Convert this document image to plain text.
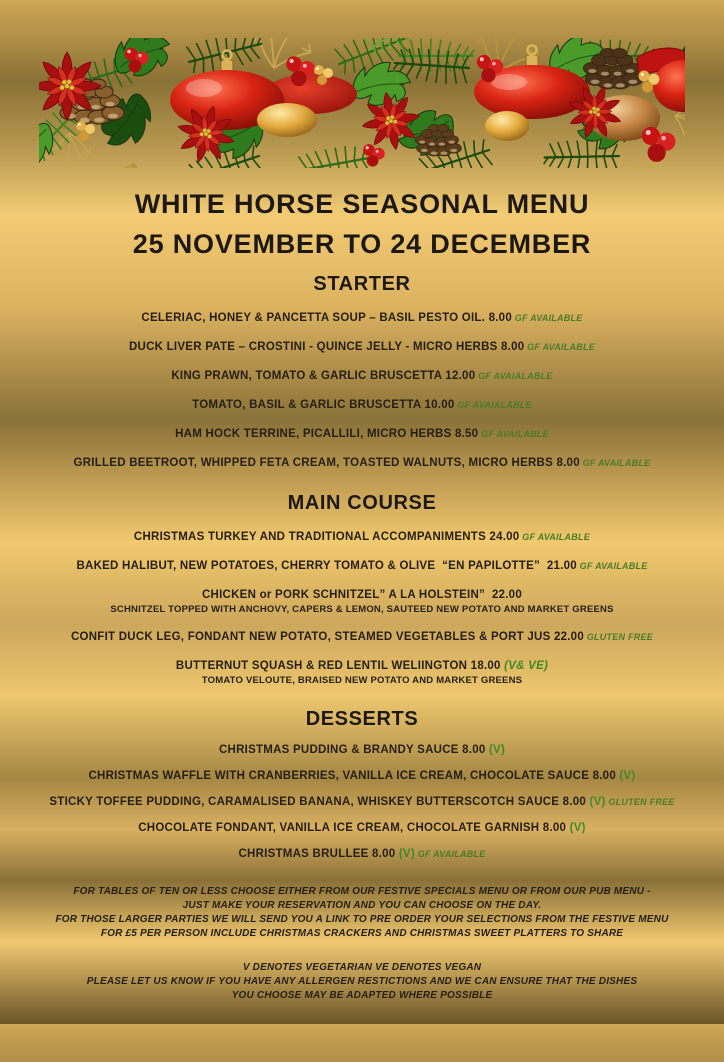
WHITE HORSE SEASONAL MENU
25 NOVEMBER TO 24 DECEMBER
STARTER

CELERIAC, HONEY & PANCETTA SOUP – BASIL PESTO OIL. 8.00 GF AVAILABLE

DUCK LIVER PATE – CROSTINI - QUINCE JELLY - MICRO HERBS 8.00 GF AVAILABLE

KING PRAWN, TOMATO & GARLIC BRUSCETTA 12.00 GF AVAIALABLE

TOMATO, BASIL & GARLIC BRUSCETTA 10.00 GF AVAIALABLE

HAM HOCK TERRINE, PICALLILI, MICRO HERBS 8.50 GF AVAILABLE

GRILLED BEETROOT, WHIPPED FETA CREAM, TOASTED WALNUTS, MICRO HERBS 8.00 GF AVAILABLE

MAIN COURSE

CHRISTMAS TURKEY AND TRADITIONAL ACCOMPANIMENTS 24.00 GF AVAILABLE

BAKED HALIBUT, NEW POTATOES, CHERRY TOMATO & OLIVE  “EN PAPILOTTE”  21.00 GF AVAILABLE

CHICKEN or PORK SCHNITZEL” A LA HOLSTEIN”  22.00

SCHNITZEL TOPPED WITH ANCHOVY, CAPERS & LEMON, SAUTEED NEW POTATO AND MARKET GREENS

CONFIT DUCK LEG, FONDANT NEW POTATO, STEAMED VEGETABLES & PORT JUS 22.00 GLUTEN FREE

BUTTERNUT SQUASH & RED LENTIL WELIINGTON 18.00 (V& VE)

TOMATO VELOUTE, BRAISED NEW POTATO AND MARKET GREENS

DESSERTS

CHRISTMAS PUDDING & BRANDY SAUCE 8.00 (V)

CHRISTMAS WAFFLE WITH CRANBERRIES, VANILLA ICE CREAM, CHOCOLATE SAUCE 8.00 (V)

STICKY TOFFEE PUDDING, CARAMALISED BANANA, WHISKEY BUTTERSCOTCH SAUCE 8.00 (V) GLUTEN FREE

CHOCOLATE FONDANT, VANILLA ICE CREAM, CHOCOLATE GARNISH 8.00 (V)

CHRISTMAS BRULLEE 8.00 (V) GF AVAILABLE

FOR TABLES OF TEN OR LESS CHOOSE EITHER FROM OUR FESTIVE SPECIALS MENU OR FROM OUR PUB MENU -

JUST MAKE YOUR RESERVATION AND YOU CAN CHOOSE ON THE DAY.

FOR THOSE LARGER PARTIES WE WILL SEND YOU A LINK TO PRE ORDER YOUR SELECTIONS FROM THE FESTIVE MENU

FOR £5 PER PERSON INCLUDE CHRISTMAS CRACKERS AND CHRISTMAS SWEET PLATTERS TO SHARE

V DENOTES VEGETARIAN VE DENOTES VEGAN

PLEASE LET US KNOW IF YOU HAVE ANY ALLERGEN RESTICTIONS AND WE CAN ENSURE THAT THE DISHES YOU CHOOSE MAY BE ADAPTED WHERE POSSIBLE
